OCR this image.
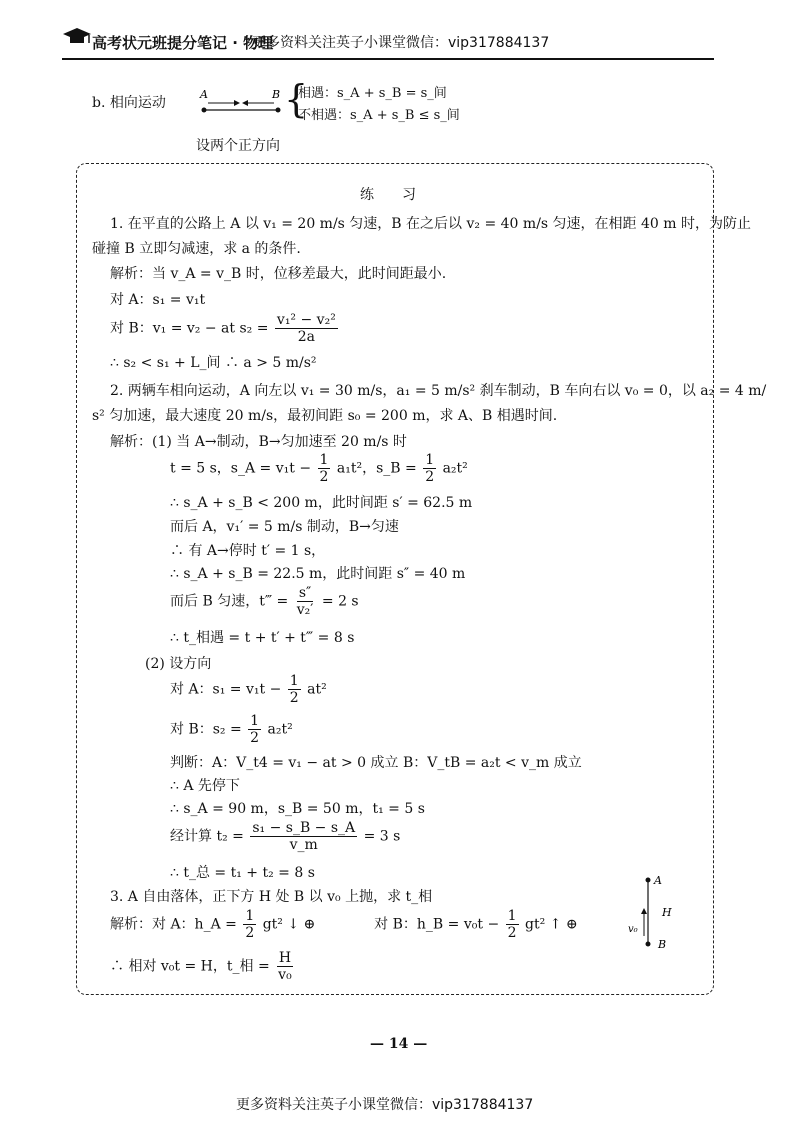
高考状元班提分笔记 · 物理
更多资料关注英子小课堂微信：vip317884137
b. 相向运动
A	B {
相遇：s_A + s_B = s_间
不相遇：s_A + s_B ≤ s_间
设两个正方向
练习
1. 在平直的公路上 A 以 v₁ = 20 m/s 匀速，B 在之后以 v₂ = 40 m/s 匀速，在相距 40 m 时，为防止
碰撞 B 立即匀减速，求 a 的条件.
解析：当 v_A = v_B 时，位移差最大，此时间距最小.
对 A：s₁ = v₁t
对 B：v₁ = v₂ − at $s_2 = \frac{\text{v₁² − v₂²}}{2a}$
∴ s₂ < s₁ + L_间 ∴ a > 5 m/s²
2. 两辆车相向运动，A 向左以 v₁ = 30 m/s，a₁ = 5 m/s² 刹车制动，B 车向右以 v₀ = 0，以 a₂ = 4 m/
s² 匀加速，最大速度 20 m/s，最初间距 s₀ = 200 m，求 A、B 相遇时间.
解析：(1) 当 A→制动，B→匀加速至 20 m/s 时
t = 5 s，s_A = $v_1t - \frac{1}{2} a_1t^2$，s_B = $\frac{1}{2} a_2t^2$
∴ s_A + s_B < 200 m，此时间距 s′ = 62.5 m
而后 A，v₁′ = 5 m/s 制动，B→匀速
∴ 有 A→停时 t′ = 1 s，
∴ s_A + s_B = 22.5 m，此时间距 s″ = 40 m
而后 B 匀速，t‴ = $\frac{s''}{\text{v₂′}} = 2$ s
∴ t_相遇 = t + t′ + t‴ = 8 s
(2) 设方向
对 A：$s_1 = v_1t - \frac{1}{2} at^2$
对 B：$s_2 = \frac{1}{2} a_2t^2$
判断：A：V_t4 = v₁ − at > 0 成立 B：V_tB = a₂t < v_m 成立
∴ A 先停下
∴ s_A = 90 m，s_B = 50 m，t₁ = 5 s
经计算 $t_2 = \frac{\text{s₁ − s\_B − s\_A}}{v\_m} = 3$ s
∴ t_总 = t₁ + t₂ = 8 s
3. A 自由落体，正下方 H 处 B 以 v₀ 上抛，求 t_相
解析：对 A：h_A = $\frac{1}{2} gt^2$ ↓ ⊕	对 B：h_B = $v_0t - \frac{1}{2} gt^2$ ↑ ⊕
∴ 相对 v₀t = H，t_相 = $\frac{H}{\text{v₀}}$
A
B
H
v₀
— 14 —
更多资料关注英子小课堂微信：vip317884137
